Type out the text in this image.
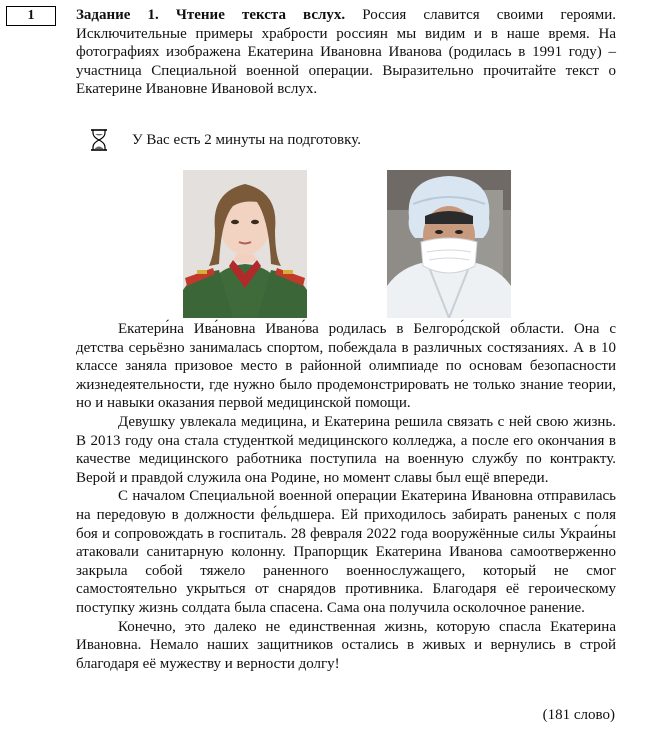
1	Задание 1. Чтение текста вслух. Россия славится своими героями. Исключительные примеры храбрости россиян мы видим и в наше время. На фотографиях изображена Екатерина Ивановна Иванова (родилась в 1991 году) – участница Специальной военной операции. Выразительно прочитайте текст о Екатерине Ивановне Ивановой вслух.
У Вас есть 2 минуты на подготовку.

Екатери́на Ива́новна Ивано́ва родилась в Белгоро́дской области. Она с детства серьёзно занималась спортом, побеждала в различных состязаниях. А в 10 классе заняла призовое место в районной олимпиаде по основам безопасности жизнедеятельности, где нужно было продемонстрировать не только знание теории, но и навыки оказания первой медицинской помощи.

Девушку увлекала медицина, и Екатерина решила связать с ней свою жизнь. В 2013 году она стала студенткой медицинского колледжа, а после его окончания в качестве медицинского работника поступила на военную службу по контракту. Верой и правдой служила она Родине, но момент славы был ещё впереди.

С началом Специальной военной операции Екатерина Ивановна отправилась на передовую в должности фе́льдшера. Ей приходилось забирать раненых с поля боя и сопровождать в госпиталь. 28 февраля 2022 года вооружённые силы Украи́ны атаковали санитарную колонну. Прапорщик Екатерина Иванова самоотверженно закрыла собой тяжело раненного военнослужащего, который не смог самостоятельно укрыться от снарядов противника. Благодаря её героическому поступку жизнь солдата была спасена. Сама она получила осколочное ранение.

Конечно, это далеко не единственная жизнь, которую спасла Екатерина Ивановна. Немало наших защитников остались в живых и вернулись в строй благодаря её мужеству и верности долгу!

(181 слово)
